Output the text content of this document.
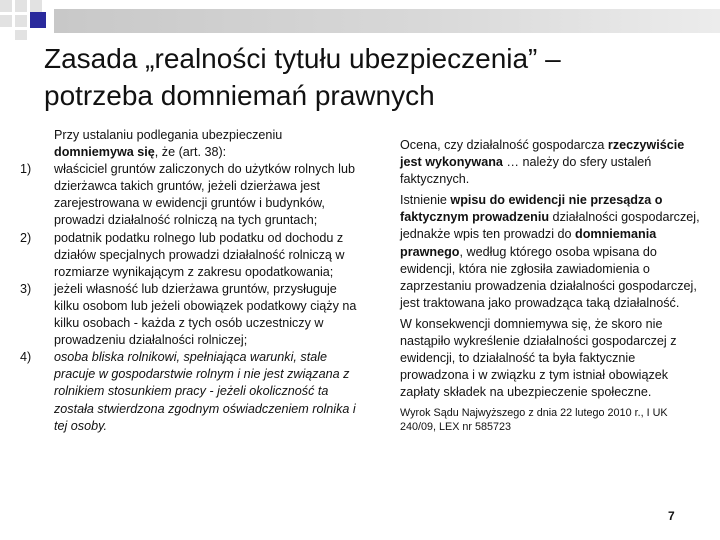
Zasada „realności tytułu ubezpieczenia” –
potrzeba domniemań prawnych

Przy ustalaniu podlegania ubezpieczeniu domniemywa się, że (art. 38):

1) właściciel gruntów zaliczonych do użytków rolnych lub dzierżawca takich gruntów, jeżeli dzierżawa jest zarejestrowana w ewidencji gruntów i budynków, prowadzi działalność rolniczą na tych gruntach;
2) podatnik podatku rolnego lub podatku od dochodu z działów specjalnych prowadzi działalność rolniczą w rozmiarze wynikającym z zakresu opodatkowania;
3) jeżeli własność lub dzierżawa gruntów, przysługuje kilku osobom lub jeżeli obowiązek podatkowy ciąży na kilku osobach - każda z tych osób uczestniczy w prowadzeniu działalności rolniczej;
4) osoba bliska rolnikowi, spełniająca warunki, stale pracuje w gospodarstwie rolnym i nie jest związana z rolnikiem stosunkiem pracy - jeżeli okoliczność ta została stwierdzona zgodnym oświadczeniem rolnika i tej osoby.

Ocena, czy działalność gospodarcza rzeczywiście jest wykonywana … należy do sfery ustaleń faktycznych.

Istnienie wpisu do ewidencji nie przesądza o faktycznym prowadzeniu działalności gospodarczej, jednakże wpis ten prowadzi do domniemania prawnego, według którego osoba wpisana do ewidencji, która nie zgłosiła zawiadomienia o zaprzestaniu prowadzenia działalności gospodarczej, jest traktowana jako prowadząca taką działalność.

W konsekwencji domniemywa się, że skoro nie nastąpiło wykreślenie działalności gospodarczej z ewidencji, to działalność ta była faktycznie prowadzona i w związku z tym istniał obowiązek zapłaty składek na ubezpieczenie społeczne.

Wyrok Sądu Najwyższego z dnia 22 lutego 2010 r., I UK 240/09, LEX nr 585723

7
